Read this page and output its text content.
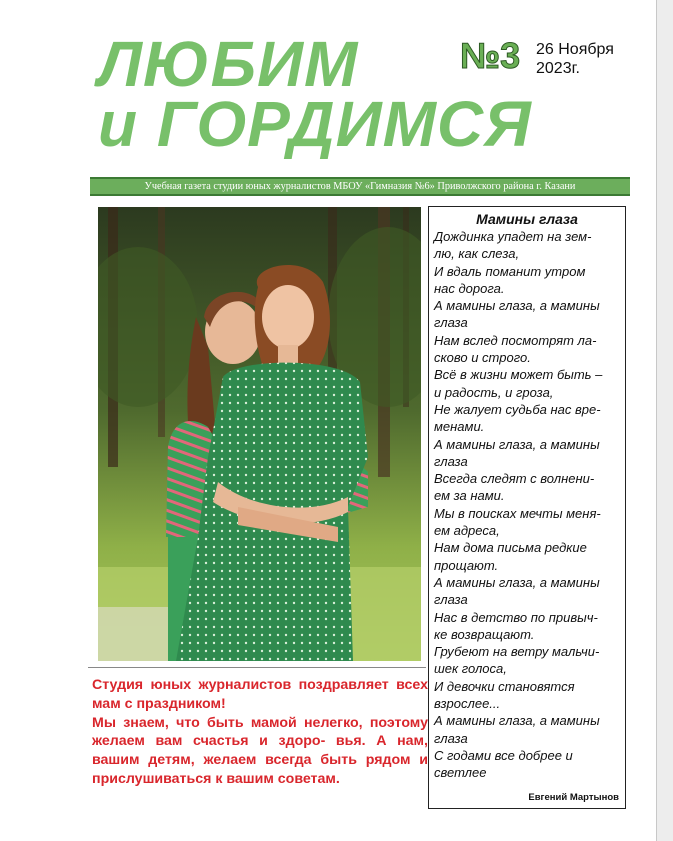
ЛЮБИМ
и ГОРДИМСЯ
№3 26 Ноября
2023г.
Учебная газета студии юных журналистов МБОУ «Гимназия №6» Приволжского района г. Казани

Студия юных журналистов поздравляет всех мам с праздником!

Мы знаем, что быть мамой нелегко, поэтому желаем вам счастья и здоро- вья. А нам, вашим детям, желаем всегда быть рядом и прислушиваться к вашим советам.

Мамины глаза
Дождинка упадет на зем-
лю, как слеза,
И вдаль поманит утром
нас дорога.
А мамины глаза, а мамины
глаза
Нам вслед посмотрят ла-
сково и строго.
Всё в жизни может быть –
и радость, и гроза,
Не жалует судьба нас вре-
менами.
А мамины глаза, а мамины
глаза
Всегда следят с волнени-
ем за нами.
Мы в поисках мечты меня-
ем адреса,
Нам дома письма редкие
прощают.
А мамины глаза, а мамины
глаза
Нас в детство по привыч-
ке возвращают.
Грубеют на ветру мальчи-
шек голоса,
И девочки становятся
взрослее...
А мамины глаза, а мамины
глаза
С годами все добрее и
светлее
Евгений Мартынов
